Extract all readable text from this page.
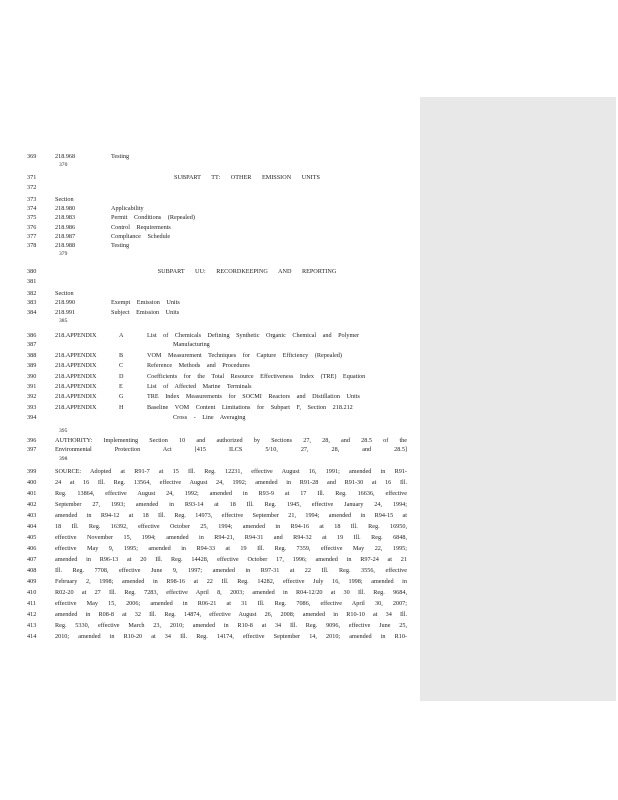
369	218.968	Testing
370
371	SUBPART TT: OTHER EMISSION UNITS
372
373	Section
374	218.980	Applicability
375	218.983	Permit Conditions (Repealed)
376	218.986	Control Requirements
377	218.987	Compliance Schedule
378	218.988	Testing
379
380	SUBPART UU: RECORDKEEPING AND REPORTING
381
382	Section
383	218.990	Exempt Emission Units
384	218.991	Subject Emission Units
385
386	218.APPENDIX	A	List of Chemicals Defining Synthetic Organic Chemical and Polymer
387	Manufacturing
388	218.APPENDIX	B	VOM Measurement Techniques for Capture Efficiency (Repealed)
389	218.APPENDIX	C	Reference Methods and Procedures
390	218.APPENDIX	D	Coefficients for the Total Resource Effectiveness Index (TRE) Equation
391	218.APPENDIX	E	List of Affected Marine Terminals
392	218.APPENDIX	G	TRE Index Measurements for SOCMI Reactors and Distillation Units
393	218.APPENDIX	H	Baseline VOM Content Limitations for Subpart F, Section 218.212
394	Cross - Line Averaging
395
396	AUTHORITY: Implementing Section 10 and authorized by Sections 27, 28, and 28.5 of the
397	Environmental Protection Act [415 ILCS 5/10, 27, 28, and 28.5]
398
399	SOURCE: Adopted at R91-7 at 15 Ill. Reg. 12231, effective August 16, 1991; amended in R91-
400	24 at 16 Ill. Reg. 13564, effective August 24, 1992; amended in R91-28 and R91-30 at 16 Ill.
401	Reg. 13864, effective August 24, 1992; amended in R93-9 at 17 Ill. Reg. 16636, effective
402	September 27, 1993; amended in R93-14 at 18 Ill. Reg. 1945, effective January 24, 1994;
403	amended in R94-12 at 18 Ill. Reg. 14973, effective September 21, 1994; amended in R94-15 at
404	18 Ill. Reg. 16392, effective October 25, 1994; amended in R94-16 at 18 Ill. Reg. 16950,
405	effective November 15, 1994; amended in R94-21, R94-31 and R94-32 at 19 Ill. Reg. 6848,
406	effective May 9, 1995; amended in R94-33 at 19 Ill. Reg. 7359, effective May 22, 1995;
407	amended in R96-13 at 20 Ill. Reg. 14428, effective October 17, 1996; amended in R97-24 at 21
408	Ill. Reg. 7708, effective June 9, 1997; amended in R97-31 at 22 Ill. Reg. 3556, effective
409	February 2, 1998; amended in R98-16 at 22 Ill. Reg. 14282, effective July 16, 1998; amended in
410	R02-20 at 27 Ill. Reg. 7283, effective April 8, 2003; amended in R04-12/20 at 30 Ill. Reg. 9684,
411	effective May 15, 2006; amended in R06-21 at 31 Ill. Reg. 7086, effective April 30, 2007;
412	amended in R08-8 at 32 Ill. Reg. 14874, effective August 26, 2008; amended in R10-10 at 34 Ill.
413	Reg. 5330, effective March 23, 2010; amended in R10-8 at 34 Ill. Reg. 9096, effective June 25,
414	2010; amended in R10-20 at 34 Ill. Reg. 14174, effective September 14, 2010; amended in R10-
